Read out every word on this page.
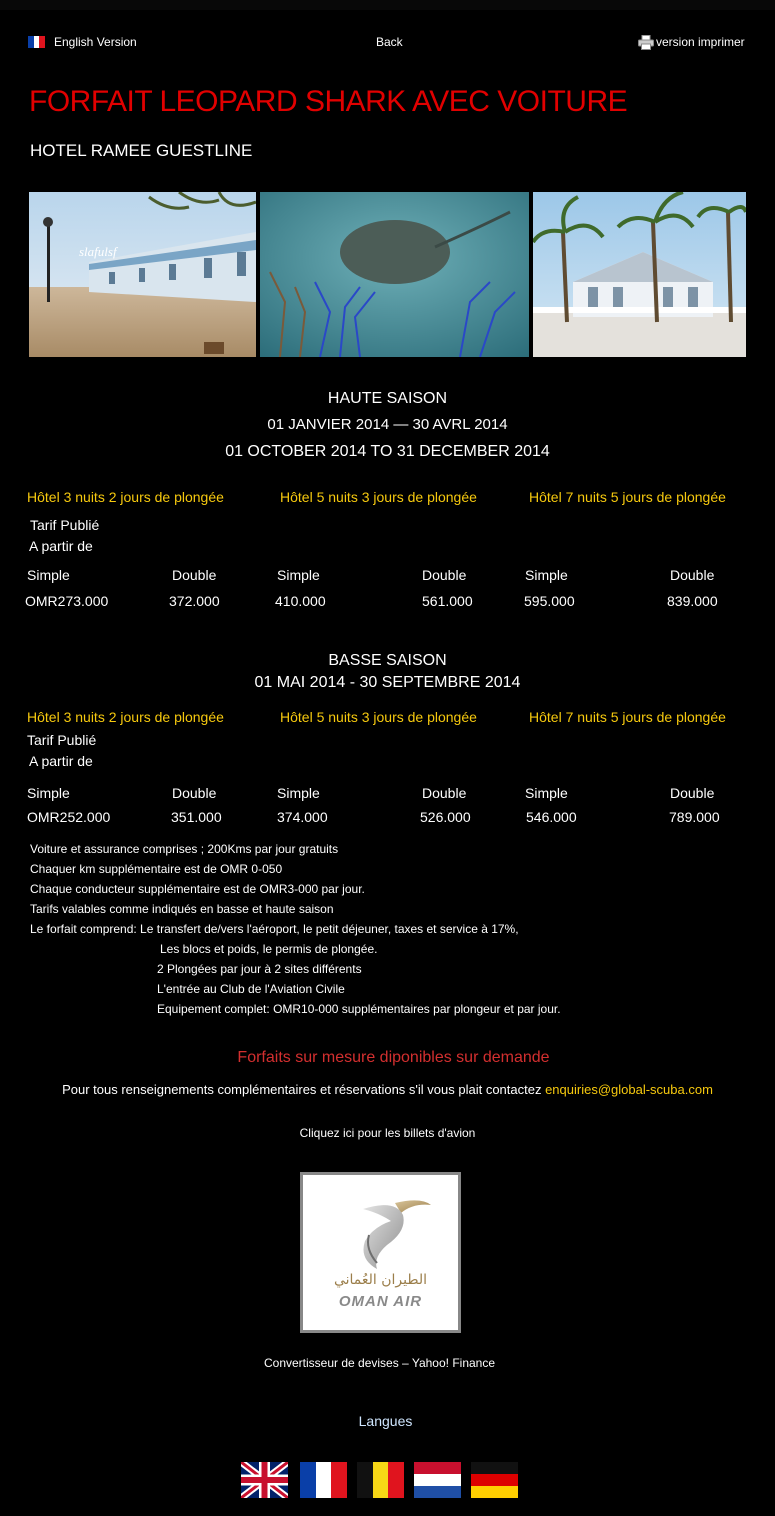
English Version	Back	version imprimer
FORFAIT LEOPARD SHARK AVEC VOITURE
HOTEL RAMEE GUESTLINE
slafulsf
HAUTE SAISON
01 JANVIER 2014 — 30 AVRL 2014
01 OCTOBER 2014 TO 31 DECEMBER 2014
Hôtel 3 nuits 2 jours de plongée	Hôtel 5 nuits 3 jours de plongée	Hôtel 7 nuits 5 jours de plongée
Tarif Publié
A partir de
Simple	Double	Simple	Double	Simple	Double
OMR273.000	372.000	410.000	561.000	595.000	839.000
BASSE SAISON
01 MAI 2014 - 30 SEPTEMBRE 2014
Hôtel 3 nuits 2 jours de plongée	Hôtel 5 nuits 3 jours de plongée	Hôtel 7 nuits 5 jours de plongée
Tarif Publié
A partir de
Simple	Double	Simple	Double	Simple	Double
OMR252.000	351.000	374.000	526.000	546.000	789.000
Voiture et assurance comprises ; 200Kms par jour gratuits
Chaquer km supplémentaire est de OMR 0-050
Chaque conducteur supplémentaire est de OMR3-000 par jour.
Tarifs valables comme indiqués en basse et haute saison
Le forfait comprend: Le transfert de/vers l'aéroport, le petit déjeuner, taxes et service à 17%,
Les blocs et poids, le permis de plongée.
2 Plongées par jour à 2 sites différents
L'entrée au Club de l'Aviation Civile
Equipement complet: OMR10-000 supplémentaires par plongeur et par jour.
Forfaits sur mesure diponibles sur demande
Pour tous renseignements complémentaires et réservations s'il vous plait contactez enquiries@global-scuba.com
Cliquez ici pour les billets d'avion
الطيران العُماني
OMAN AIR
Convertisseur de devises – Yahoo! Finance
Langues
